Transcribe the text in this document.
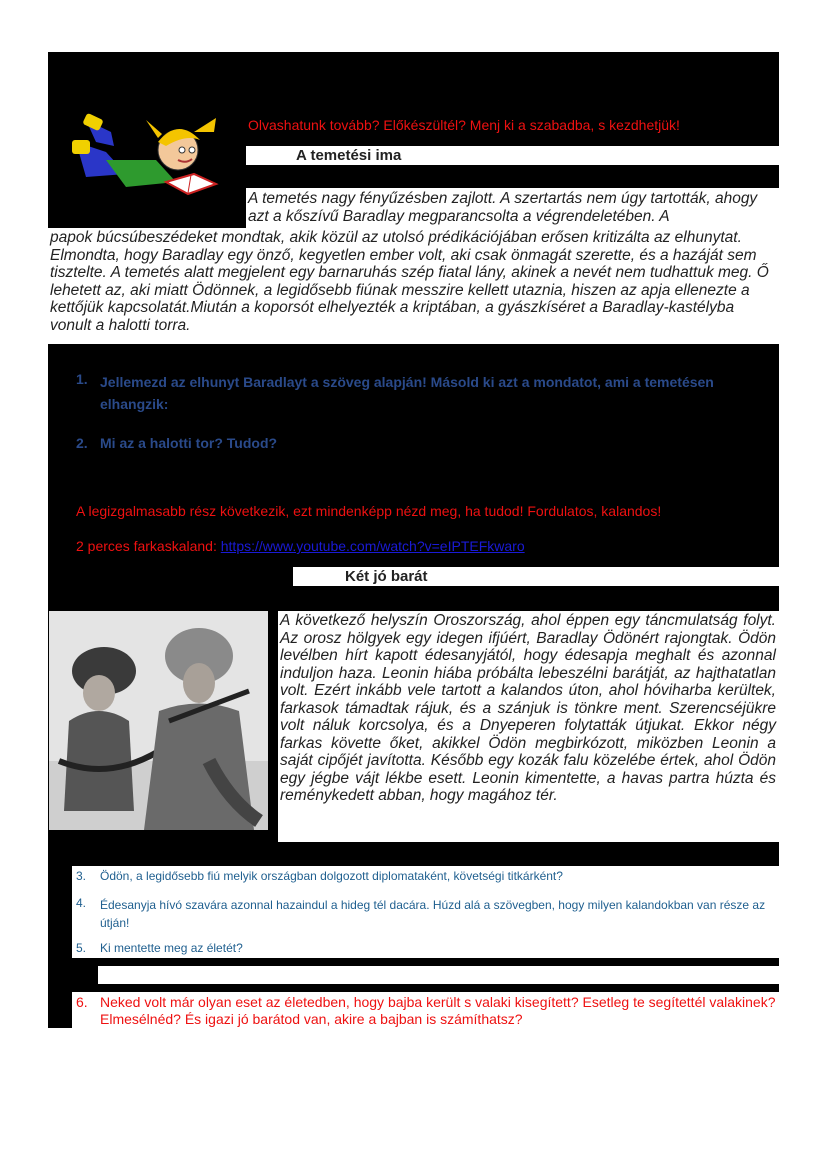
Olvashatunk tovább? Előkészültél? Menj ki a szabadba, s kezdhetjük!
A temetési ima
A temetés nagy fényűzésben zajlott. A szertartás nem úgy tartották, ahogy azt a kőszívű Baradlay megparancsolta a végrendeletében. A
papok búcsúbeszédeket mondtak, akik közül az utolsó prédikációjában erősen kritizálta az elhunytat. Elmondta, hogy Baradlay egy önző, kegyetlen ember volt, aki csak önmagát szerette, és a hazáját sem tisztelte. A temetés alatt megjelent egy barnaruhás szép fiatal lány, akinek a nevét nem tudhattuk meg. Ő lehetett az, aki miatt Ödönnek, a legidősebb fiúnak messzire kellett utaznia, hiszen az apja ellenezte a kettőjük kapcsolatát.Miután a koporsót elhelyezték a kriptában, a gyászkíséret a Baradlay-kastélyba vonult a halotti torra.
1. Jellemezd az elhunyt Baradlayt a szöveg alapján! Másold ki azt a mondatot, ami a temetésen elhangzik:
2. Mi az a halotti tor? Tudod?
A legizgalmasabb rész következik, ezt mindenképp nézd meg, ha tudod! Fordulatos, kalandos!
2 perces farkaskaland: https://www.youtube.com/watch?v=eIPTEFkwaro
Két jó barát
A következő helyszín Oroszország, ahol éppen egy táncmulatság folyt. Az orosz hölgyek egy idegen ifjúért, Baradlay Ödönért rajongtak. Ödön levélben hírt kapott édesanyjától, hogy édesapja meghalt és azonnal induljon haza. Leonin hiába próbálta lebeszélni barátját, az hajthatatlan volt. Ezért inkább vele tartott a kalandos úton, ahol hóviharba kerültek, farkasok támadtak rájuk, és a szánjuk is tönkre ment. Szerencséjükre volt náluk korcsolya, és a Dnyeperen folytatták útjukat. Ekkor négy farkas követte őket, akikkel Ödön megbirkózott, miközben Leonin a saját cipőjét javította. Később egy kozák falu közelébe értek, ahol Ödön egy jégbe vájt lékbe esett. Leonin kimentette, a havas partra húzta és reménykedett abban, hogy magához tér.
3. Ödön, a legidősebb fiú melyik országban dolgozott diplomataként, követségi titkárként?
4. Édesanyja hívó szavára azonnal hazaindul a hideg tél dacára. Húzd alá a szövegben, hogy milyen kalandokban van része az útján!
5. Ki mentette meg az életét?
6. Neked volt már olyan eset az életedben, hogy bajba került s valaki kisegített? Esetleg te segítettél valakinek? Elmesélnéd? És igazi jó barátod van, akire a bajban is számíthatsz?
